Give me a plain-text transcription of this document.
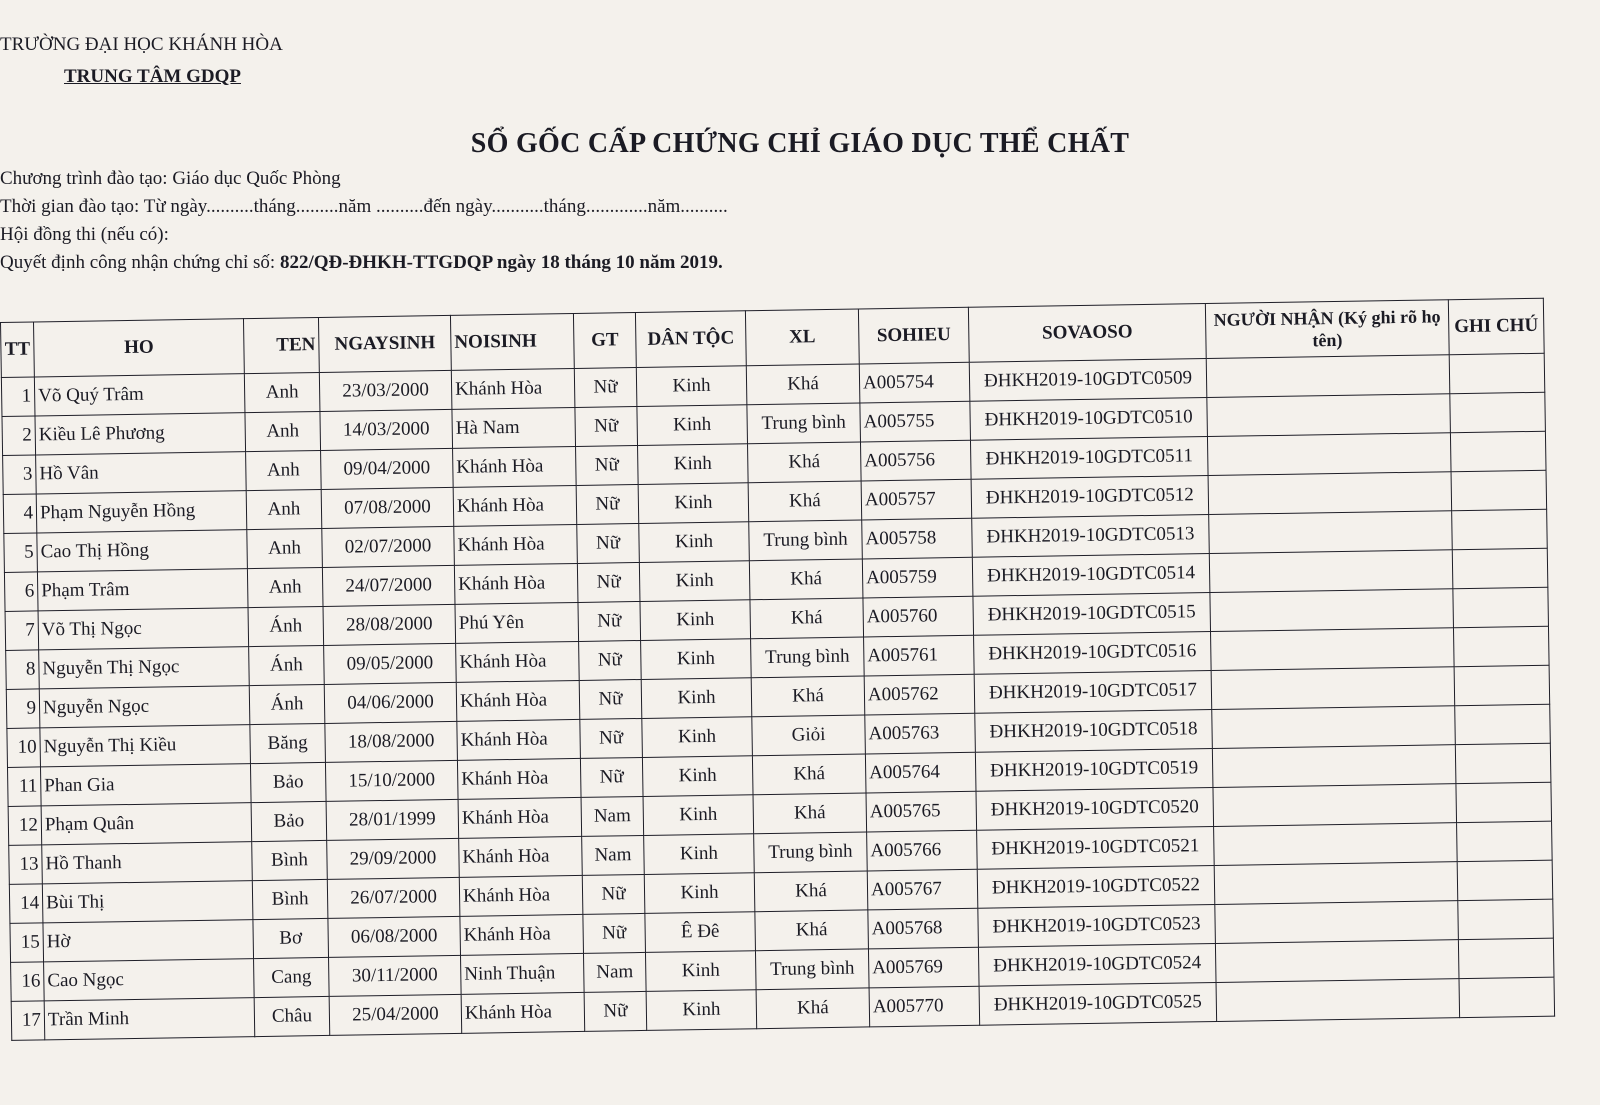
TRƯỜNG ĐẠI HỌC KHÁNH HÒA
TRUNG TÂM GDQP
SỔ GỐC CẤP CHỨNG CHỈ GIÁO DỤC THỂ CHẤT
Chương trình đào tạo: Giáo dục Quốc Phòng
Thời gian đào tạo: Từ ngày..........tháng.........năm ..........đến ngày...........tháng.............năm..........
Hội đồng thi (nếu có):
Quyết định công nhận chứng chỉ số: 822/QĐ-ĐHKH-TTGDQP ngày 18 tháng 10 năm 2019.
TT	HO	TEN	NGAYSINH	NOISINH	GT	DÂN TỘC	XL	SOHIEU	SOVAOSO	NGƯỜI NHẬN (Ký ghi rõ họ tên)	GHI CHÚ
1	Võ Quý Trâm	Anh	23/03/2000	Khánh Hòa	Nữ	Kinh	Khá	A005754	ĐHKH2019-10GDTC0509		
2	Kiều Lê Phương	Anh	14/03/2000	Hà Nam	Nữ	Kinh	Trung bình	A005755	ĐHKH2019-10GDTC0510		
3	Hồ Vân	Anh	09/04/2000	Khánh Hòa	Nữ	Kinh	Khá	A005756	ĐHKH2019-10GDTC0511		
4	Phạm Nguyễn Hồng	Anh	07/08/2000	Khánh Hòa	Nữ	Kinh	Khá	A005757	ĐHKH2019-10GDTC0512		
5	Cao Thị Hồng	Anh	02/07/2000	Khánh Hòa	Nữ	Kinh	Trung bình	A005758	ĐHKH2019-10GDTC0513		
6	Phạm Trâm	Anh	24/07/2000	Khánh Hòa	Nữ	Kinh	Khá	A005759	ĐHKH2019-10GDTC0514		
7	Võ Thị Ngọc	Ánh	28/08/2000	Phú Yên	Nữ	Kinh	Khá	A005760	ĐHKH2019-10GDTC0515		
8	Nguyễn Thị Ngọc	Ánh	09/05/2000	Khánh Hòa	Nữ	Kinh	Trung bình	A005761	ĐHKH2019-10GDTC0516		
9	Nguyễn Ngọc	Ánh	04/06/2000	Khánh Hòa	Nữ	Kinh	Khá	A005762	ĐHKH2019-10GDTC0517		
10	Nguyễn Thị Kiều	Băng	18/08/2000	Khánh Hòa	Nữ	Kinh	Giỏi	A005763	ĐHKH2019-10GDTC0518		
11	Phan Gia	Bảo	15/10/2000	Khánh Hòa	Nữ	Kinh	Khá	A005764	ĐHKH2019-10GDTC0519		
12	Phạm Quân	Bảo	28/01/1999	Khánh Hòa	Nam	Kinh	Khá	A005765	ĐHKH2019-10GDTC0520		
13	Hồ Thanh	Bình	29/09/2000	Khánh Hòa	Nam	Kinh	Trung bình	A005766	ĐHKH2019-10GDTC0521		
14	Bùi Thị	Bình	26/07/2000	Khánh Hòa	Nữ	Kinh	Khá	A005767	ĐHKH2019-10GDTC0522		
15	Hờ	Bơ	06/08/2000	Khánh Hòa	Nữ	Ê Đê	Khá	A005768	ĐHKH2019-10GDTC0523		
16	Cao Ngọc	Cang	30/11/2000	Ninh Thuận	Nam	Kinh	Trung bình	A005769	ĐHKH2019-10GDTC0524		
17	Trần Minh	Châu	25/04/2000	Khánh Hòa	Nữ	Kinh	Khá	A005770	ĐHKH2019-10GDTC0525		
